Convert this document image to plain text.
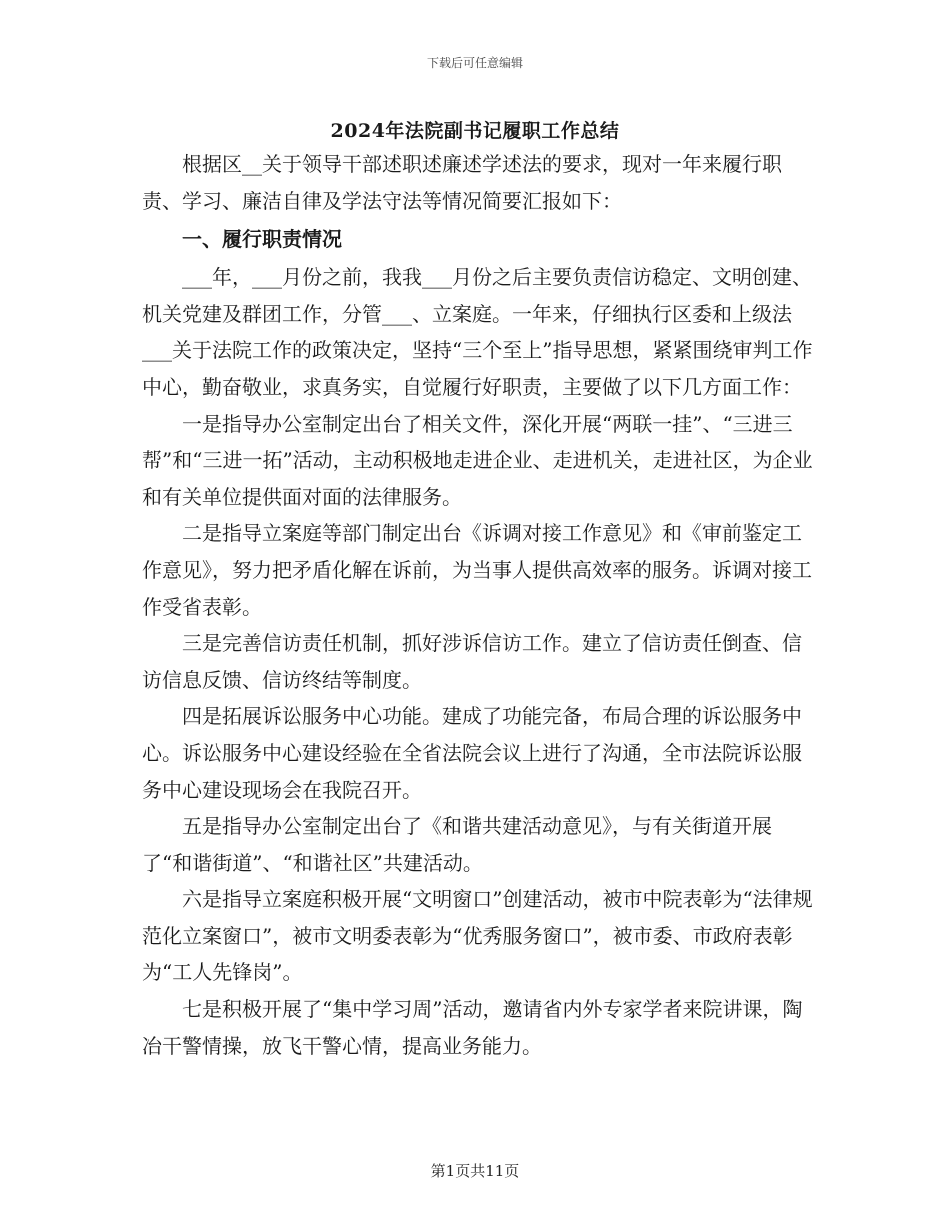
下载后可任意编辑
2024年法院副书记履职工作总结

根据区__关于领导干部述职述廉述学述法的要求，现对一年来履行职责、学习、廉洁自律及学法守法等情况简要汇报如下：

一、履行职责情况

___年，___月份之前，我我___月份之后主要负责信访稳定、文明创建、机关党建及群团工作，分管___、立案庭。一年来，仔细执行区委和上级法___关于法院工作的政策决定，坚持“三个至上”指导思想，紧紧围绕审判工作中心，勤奋敬业，求真务实，自觉履行好职责，主要做了以下几方面工作：

一是指导办公室制定出台了相关文件，深化开展“两联一挂”、“三进三帮”和“三进一拓”活动，主动积极地走进企业、走进机关，走进社区，为企业和有关单位提供面对面的法律服务。

二是指导立案庭等部门制定出台《诉调对接工作意见》和《审前鉴定工作意见》，努力把矛盾化解在诉前，为当事人提供高效率的服务。诉调对接工作受省表彰。

三是完善信访责任机制，抓好涉诉信访工作。建立了信访责任倒查、信访信息反馈、信访终结等制度。

四是拓展诉讼服务中心功能。建成了功能完备，布局合理的诉讼服务中心。诉讼服务中心建设经验在全省法院会议上进行了沟通，全市法院诉讼服务中心建设现场会在我院召开。

五是指导办公室制定出台了《和谐共建活动意见》，与有关街道开展了“和谐街道”、“和谐社区”共建活动。

六是指导立案庭积极开展“文明窗口”创建活动，被市中院表彰为“法律规范化立案窗口”，被市文明委表彰为“优秀服务窗口”，被市委、市政府表彰为“工人先锋岗”。

七是积极开展了“集中学习周”活动，邀请省内外专家学者来院讲课，陶冶干警情操，放飞干警心情，提高业务能力。

第1页共11页
